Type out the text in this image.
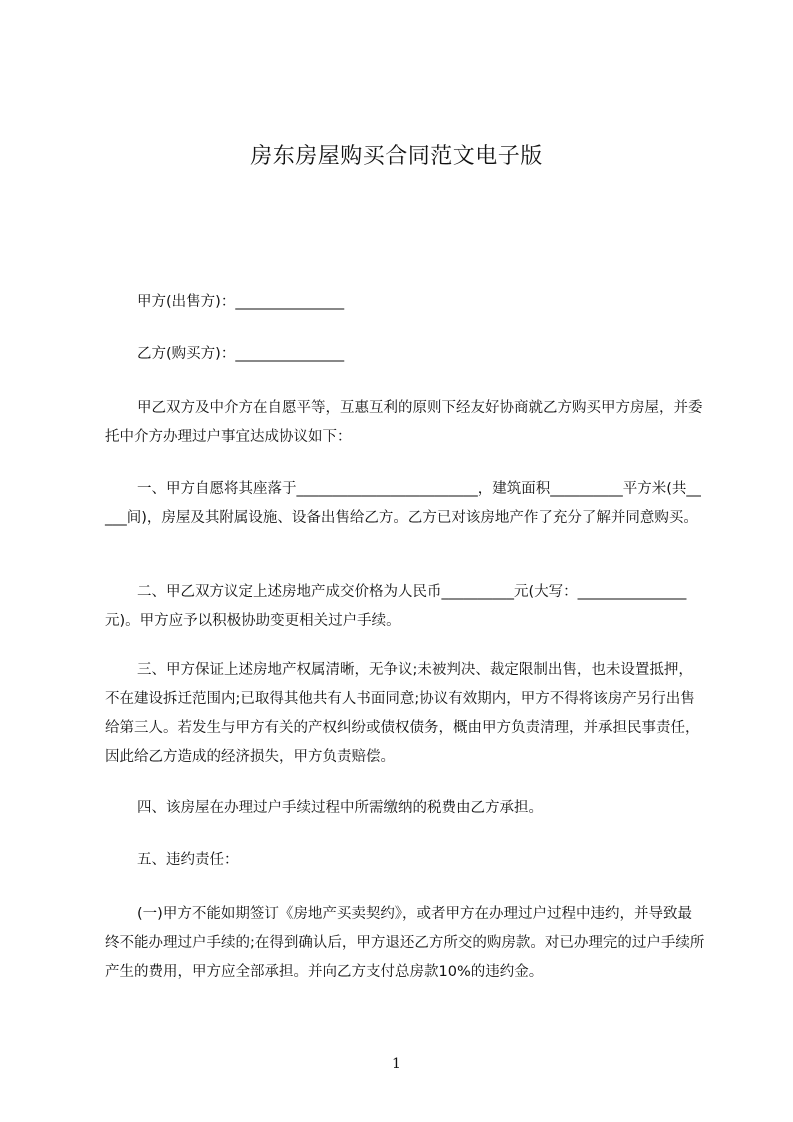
房东房屋购买合同范文电子版

甲方(出售方)：_______________

乙方(购买方)：_______________

甲乙双方及中介方在自愿平等，互惠互利的原则下经友好协商就乙方购买甲方房屋，并委托中介方办理过户事宜达成协议如下：

一、甲方自愿将其座落于_________________________，建筑面积__________平方米(共_____间)，房屋及其附属设施、设备出售给乙方。乙方已对该房地产作了充分了解并同意购买。

二、甲乙双方议定上述房地产成交价格为人民币__________元(大写：_______________元)。甲方应予以积极协助变更相关过户手续。

三、甲方保证上述房地产权属清晰，无争议;未被判决、裁定限制出售，也未设置抵押，不在建设拆迁范围内;已取得其他共有人书面同意;协议有效期内，甲方不得将该房产另行出售给第三人。若发生与甲方有关的产权纠纷或债权债务，概由甲方负责清理，并承担民事责任，因此给乙方造成的经济损失，甲方负责赔偿。

四、该房屋在办理过户手续过程中所需缴纳的税费由乙方承担。

五、违约责任：

(一)甲方不能如期签订《房地产买卖契约》，或者甲方在办理过户过程中违约，并导致最终不能办理过户手续的;在得到确认后，甲方退还乙方所交的购房款。对已办理完的过户手续所产生的费用，甲方应全部承担。并向乙方支付总房款10%的违约金。

1
